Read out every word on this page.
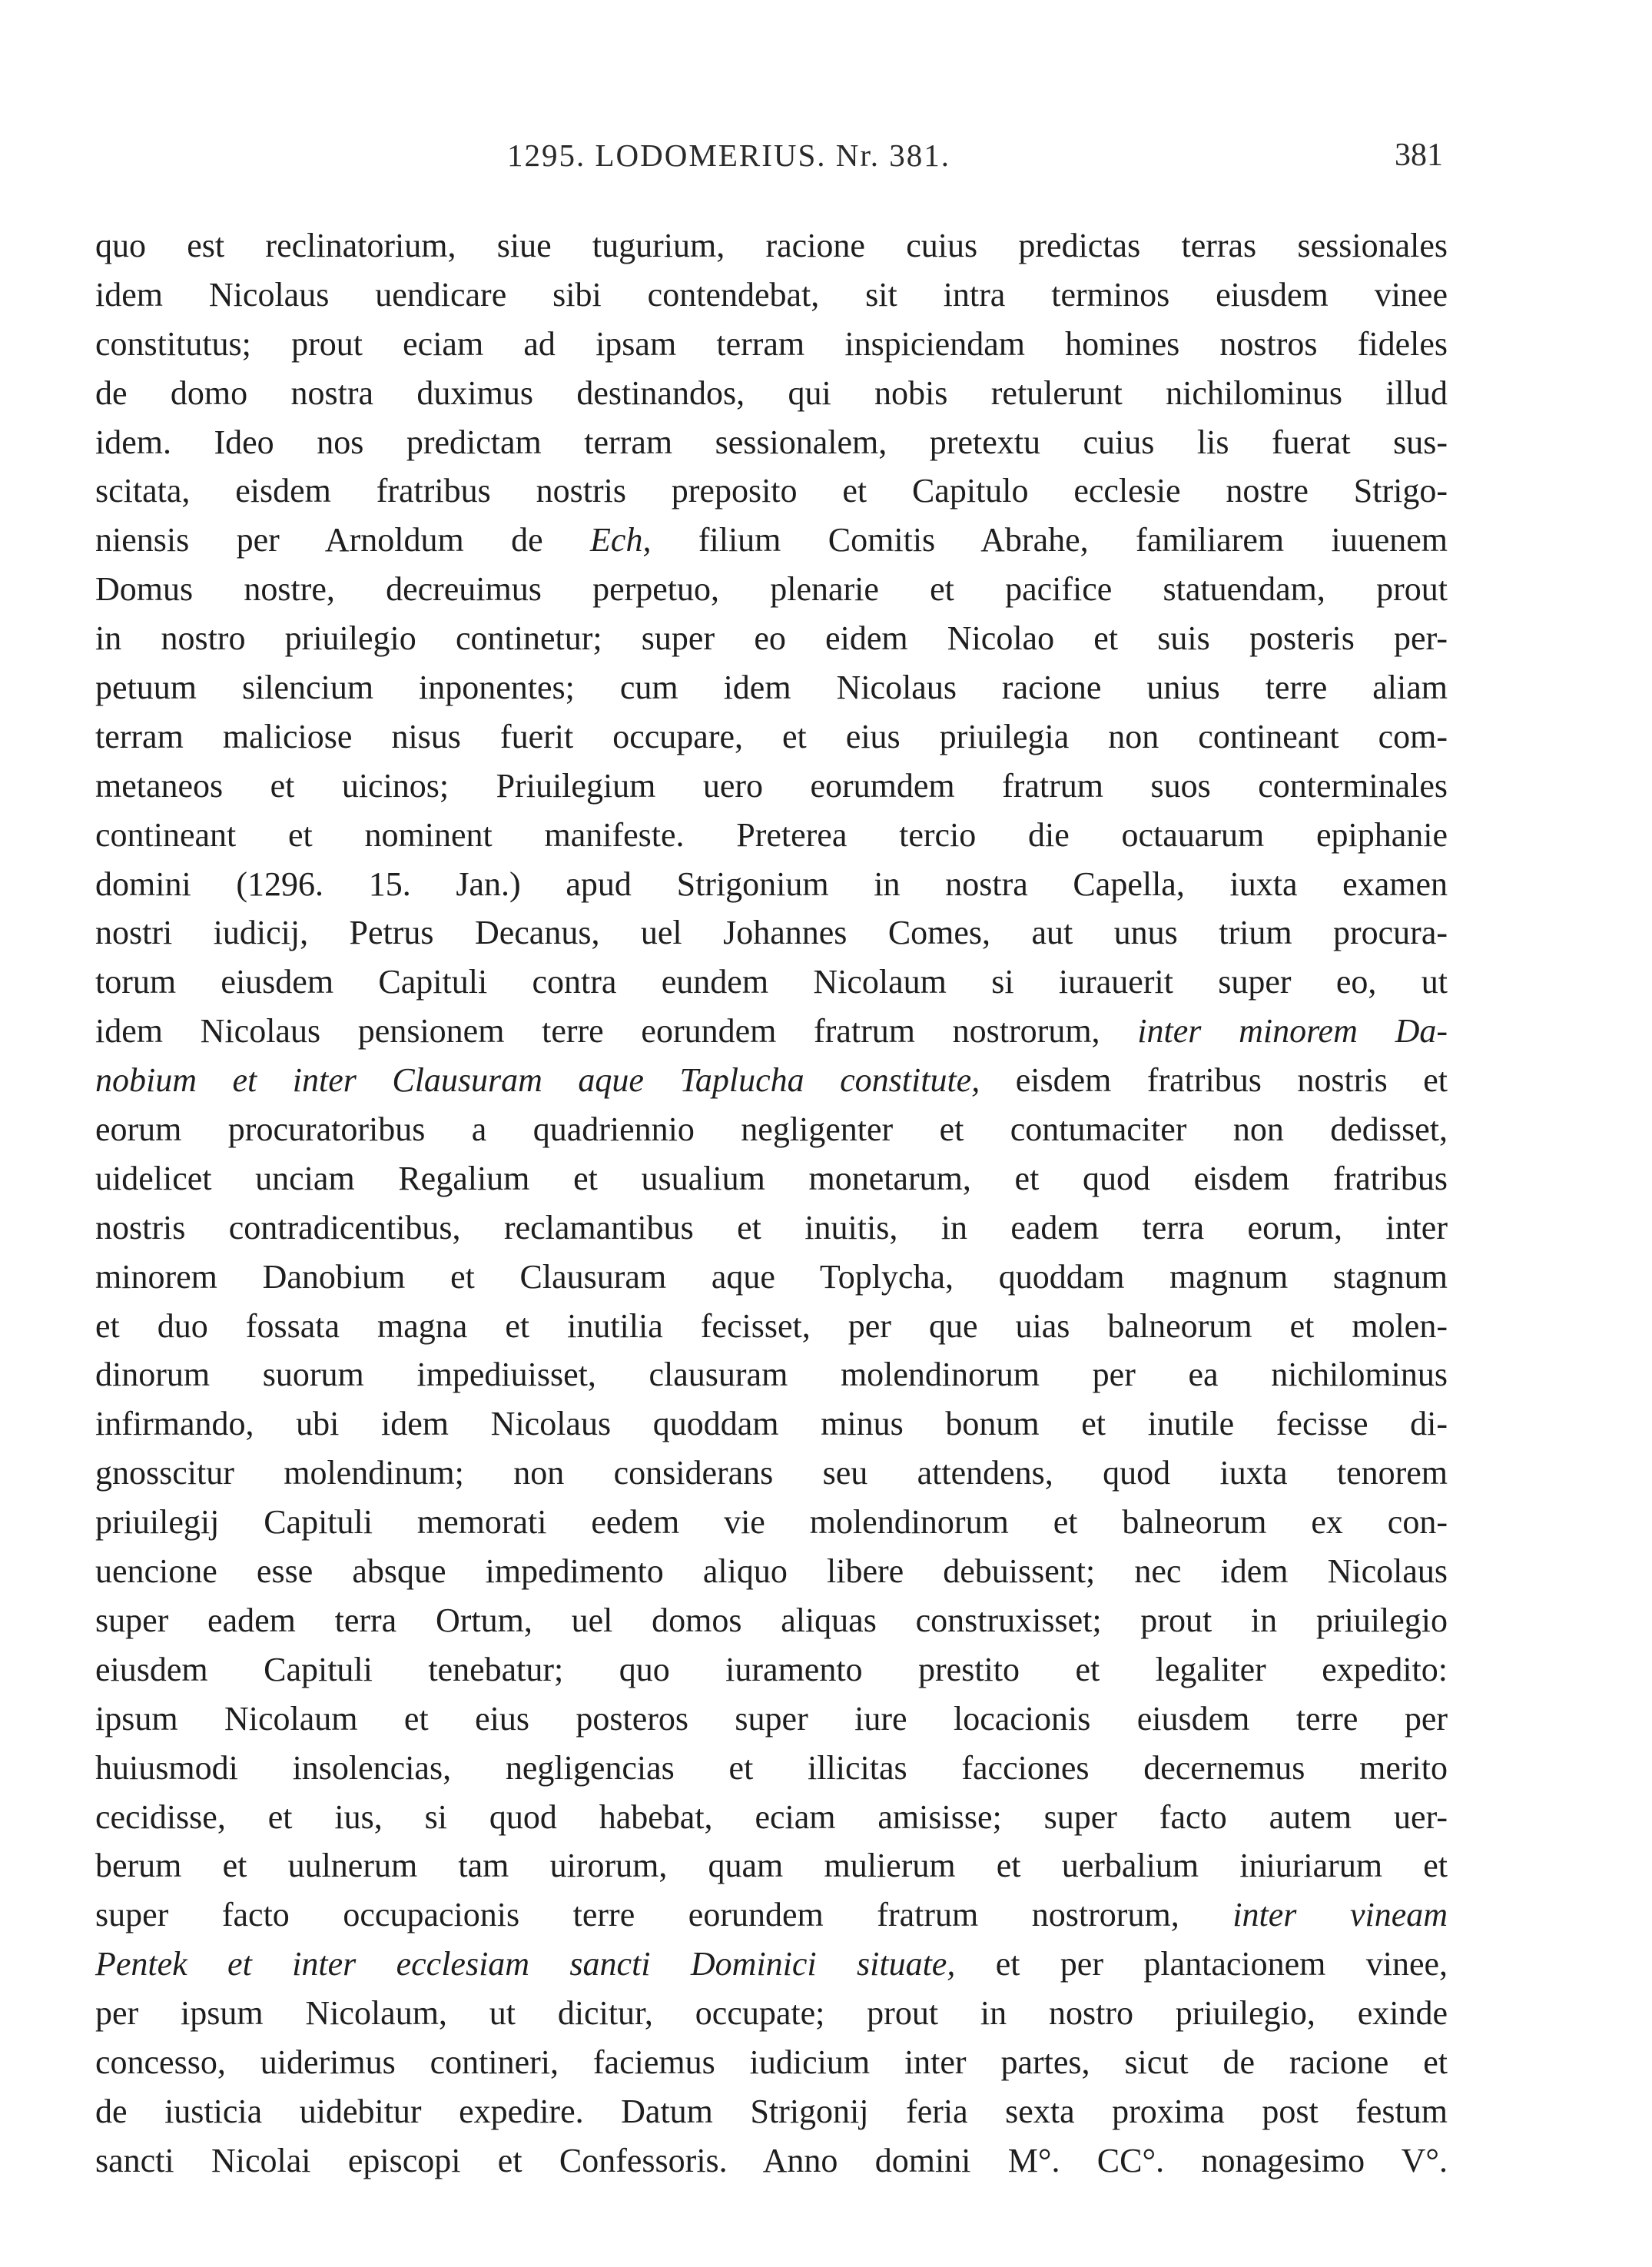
1295. LODOMERIUS. Nr. 381.	381
quo est reclinatorium, siue tugurium, racione cuius predictas terras sessionales
idem Nicolaus uendicare sibi contendebat, sit intra terminos eiusdem vinee
constitutus; prout eciam ad ipsam terram inspiciendam homines nostros fideles
de domo nostra duximus destinandos, qui nobis retulerunt nichilominus illud
idem. Ideo nos predictam terram sessionalem, pretextu cuius lis fuerat sus-
scitata, eisdem fratribus nostris preposito et Capitulo ecclesie nostre Strigo-
niensis per Arnoldum de Ech, filium Comitis Abrahe, familiarem iuuenem
Domus nostre, decreuimus perpetuo, plenarie et pacifice statuendam, prout
in nostro priuilegio continetur; super eo eidem Nicolao et suis posteris per-
petuum silencium inponentes; cum idem Nicolaus racione unius terre aliam
terram maliciose nisus fuerit occupare, et eius priuilegia non contineant com-
metaneos et uicinos; Priuilegium uero eorumdem fratrum suos conterminales
contineant et nominent manifeste. Preterea tercio die octauarum epiphanie
domini (1296. 15. Jan.) apud Strigonium in nostra Capella, iuxta examen
nostri iudicij, Petrus Decanus, uel Johannes Comes, aut unus trium procura-
torum eiusdem Capituli contra eundem Nicolaum si iurauerit super eo, ut
idem Nicolaus pensionem terre eorundem fratrum nostrorum, inter minorem Da-
nobium et inter Clausuram aque Taplucha constitute, eisdem fratribus nostris et
eorum procuratoribus a quadriennio negligenter et contumaciter non dedisset,
uidelicet unciam Regalium et usualium monetarum, et quod eisdem fratribus
nostris contradicentibus, reclamantibus et inuitis, in eadem terra eorum, inter
minorem Danobium et Clausuram aque Toplycha, quoddam magnum stagnum
et duo fossata magna et inutilia fecisset, per que uias balneorum et molen-
dinorum suorum impediuisset, clausuram molendinorum per ea nichilominus
infirmando, ubi idem Nicolaus quoddam minus bonum et inutile fecisse di-
gnosscitur molendinum; non considerans seu attendens, quod iuxta tenorem
priuilegij Capituli memorati eedem vie molendinorum et balneorum ex con-
uencione esse absque impedimento aliquo libere debuissent; nec idem Nicolaus
super eadem terra Ortum, uel domos aliquas construxisset; prout in priuilegio
eiusdem Capituli tenebatur; quo iuramento prestito et legaliter expedito:
ipsum Nicolaum et eius posteros super iure locacionis eiusdem terre per
huiusmodi insolencias, negligencias et illicitas facciones decernemus merito
cecidisse, et ius, si quod habebat, eciam amisisse; super facto autem uer-
berum et uulnerum tam uirorum, quam mulierum et uerbalium iniuriarum et
super facto occupacionis terre eorundem fratrum nostrorum, inter vineam
Pentek et inter ecclesiam sancti Dominici situate, et per plantacionem vinee,
per ipsum Nicolaum, ut dicitur, occupate; prout in nostro priuilegio, exinde
concesso, uiderimus contineri, faciemus iudicium inter partes, sicut de racione et
de iusticia uidebitur expedire. Datum Strigonij feria sexta proxima post festum
sancti Nicolai episcopi et Confessoris. Anno domini M°. CC°. nonagesimo V°.
